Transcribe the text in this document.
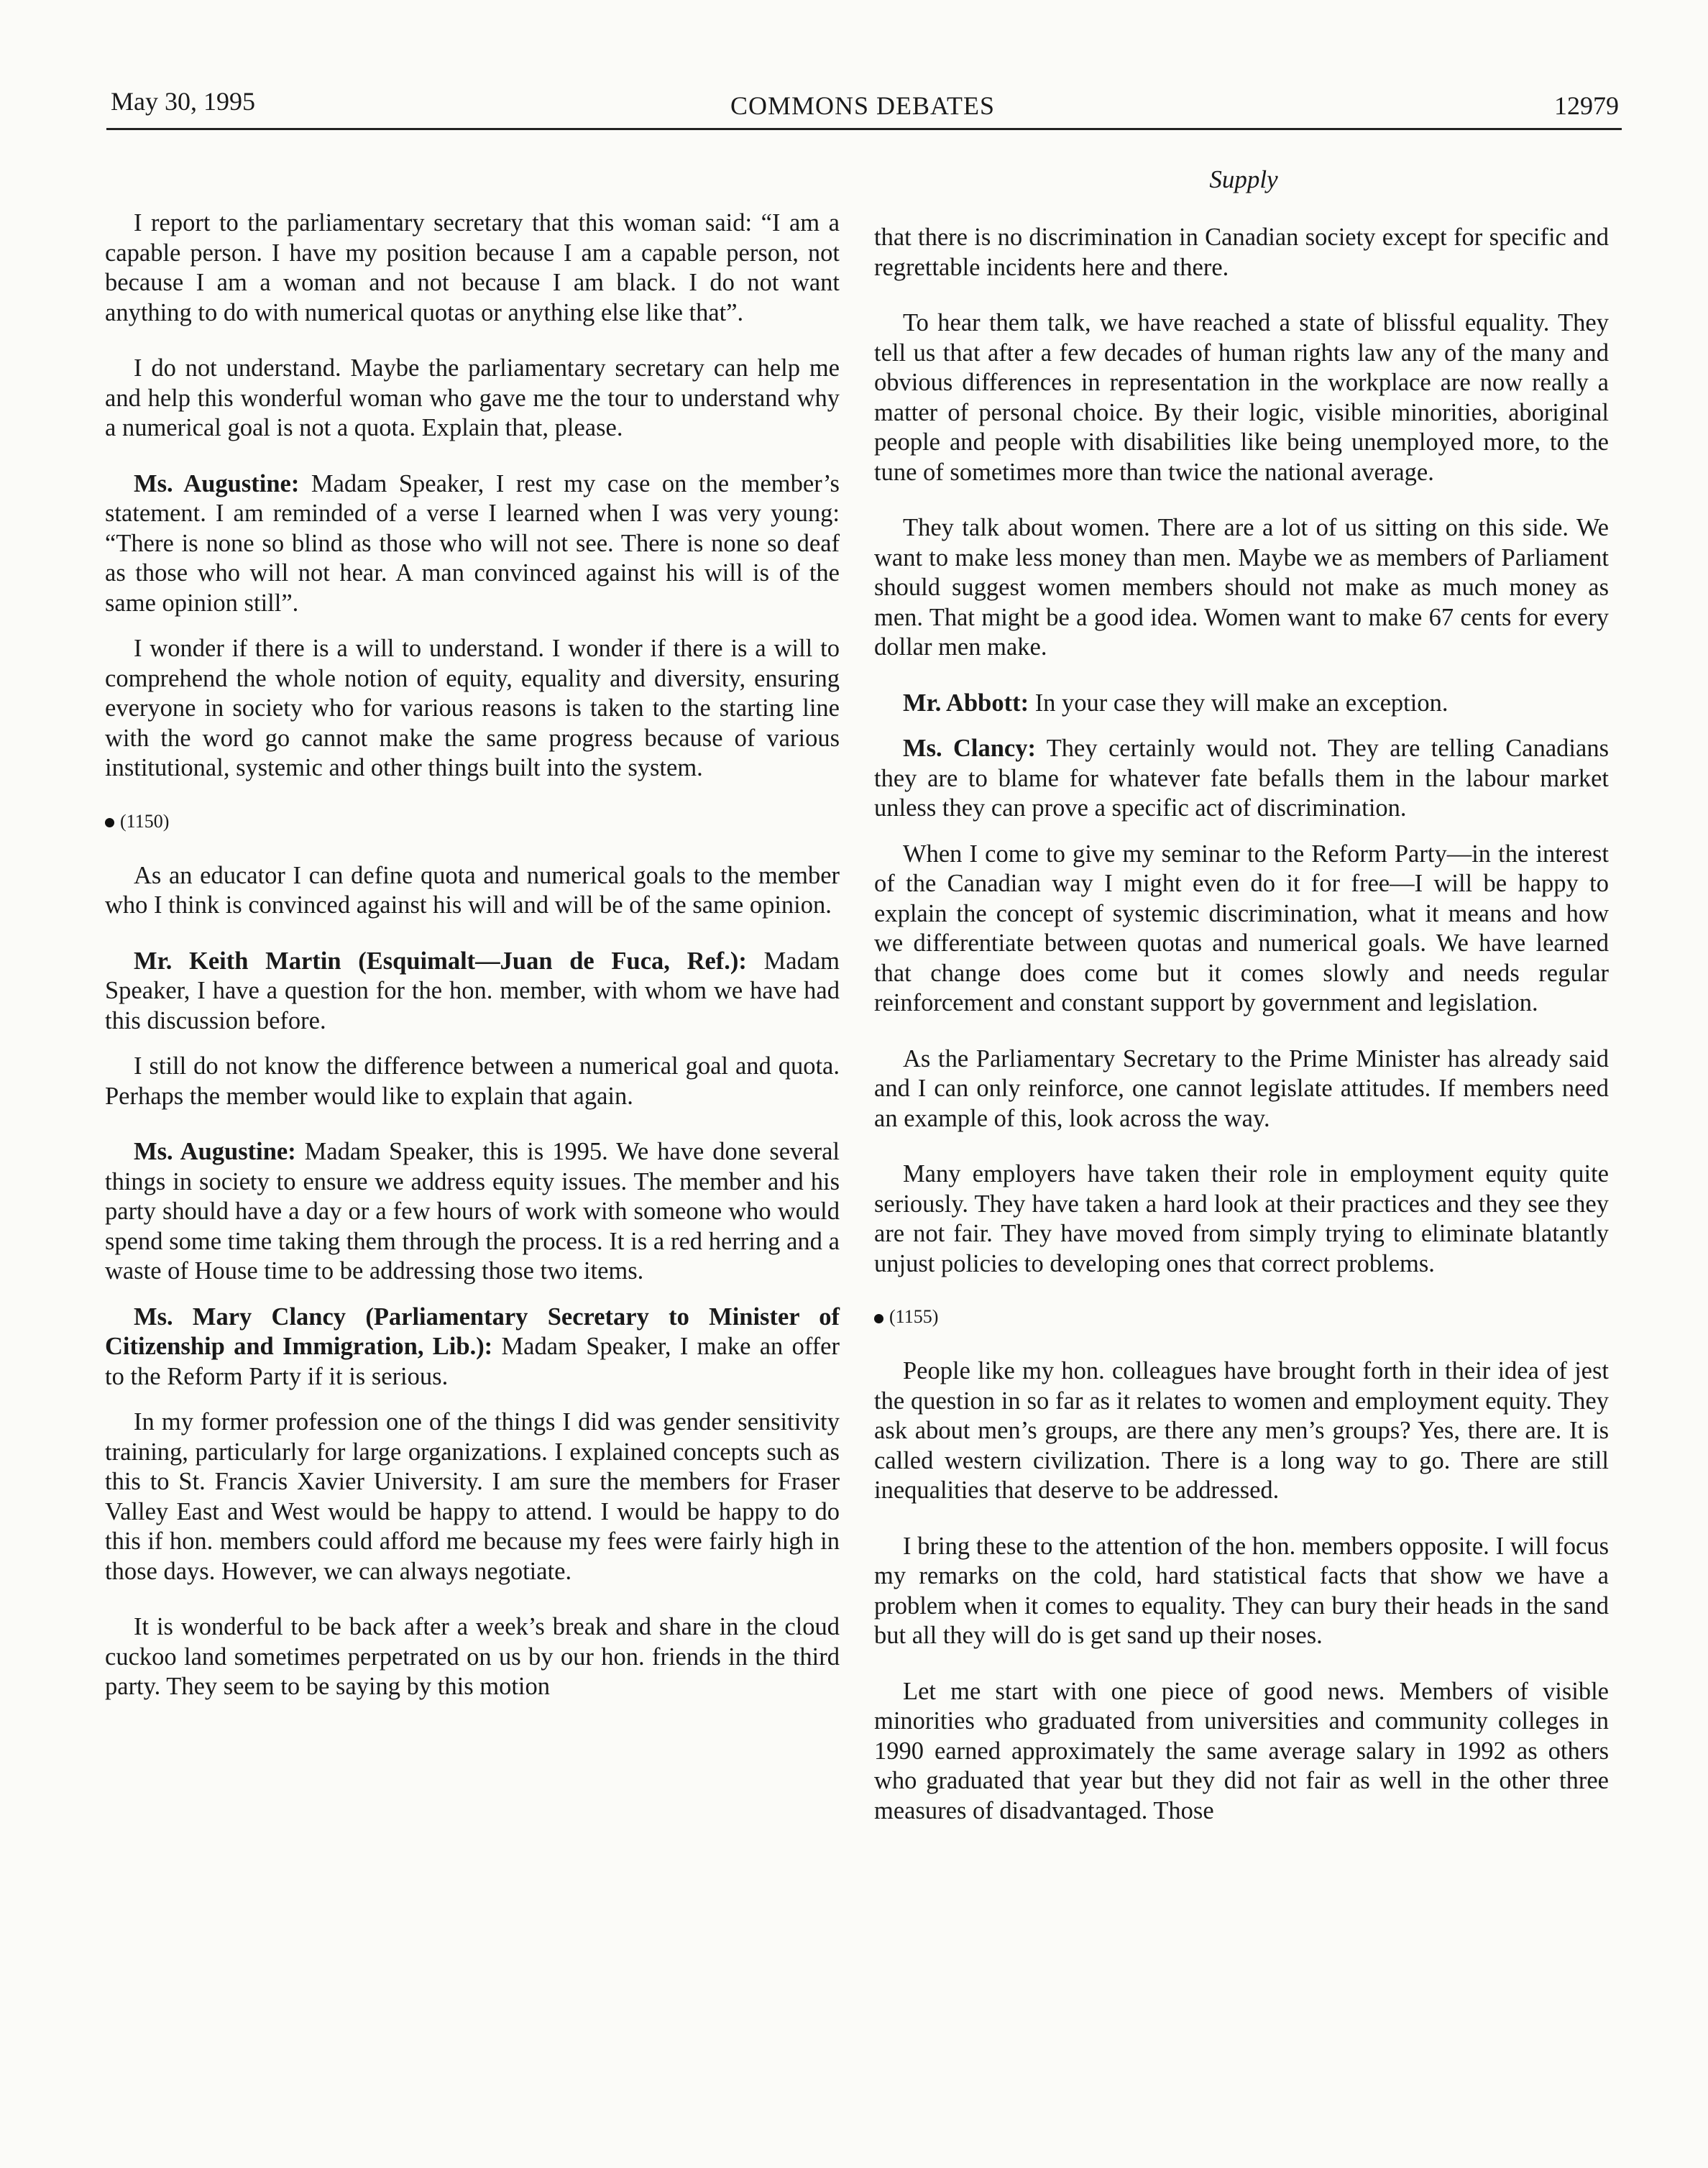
May 30, 1995	COMMONS DEBATES	12979
Supply

I report to the parliamentary secretary that this woman said: “I am a capable person. I have my position because I am a capable person, not because I am a woman and not because I am black. I do not want anything to do with numerical quotas or anything else like that”.

I do not understand. Maybe the parliamentary secretary can help me and help this wonderful woman who gave me the tour to understand why a numerical goal is not a quota. Explain that, please.

Ms. Augustine: Madam Speaker, I rest my case on the member’s statement. I am reminded of a verse I learned when I was very young: “There is none so blind as those who will not see. There is none so deaf as those who will not hear. A man convinced against his will is of the same opinion still”.

I wonder if there is a will to understand. I wonder if there is a will to comprehend the whole notion of equity, equality and diversity, ensuring everyone in society who for various reasons is taken to the starting line with the word go cannot make the same progress because of various institutional, systemic and other things built into the system.

(1150)

As an educator I can define quota and numerical goals to the member who I think is convinced against his will and will be of the same opinion.

Mr. Keith Martin (Esquimalt—Juan de Fuca, Ref.): Madam Speaker, I have a question for the hon. member, with whom we have had this discussion before.

I still do not know the difference between a numerical goal and quota. Perhaps the member would like to explain that again.

Ms. Augustine: Madam Speaker, this is 1995. We have done several things in society to ensure we address equity issues. The member and his party should have a day or a few hours of work with someone who would spend some time taking them through the process. It is a red herring and a waste of House time to be addressing those two items.

Ms. Mary Clancy (Parliamentary Secretary to Minister of Citizenship and Immigration, Lib.): Madam Speaker, I make an offer to the Reform Party if it is serious.

In my former profession one of the things I did was gender sensitivity training, particularly for large organizations. I explained concepts such as this to St. Francis Xavier University. I am sure the members for Fraser Valley East and West would be happy to attend. I would be happy to do this if hon. members could afford me because my fees were fairly high in those days. However, we can always negotiate.

It is wonderful to be back after a week’s break and share in the cloud cuckoo land sometimes perpetrated on us by our hon. friends in the third party. They seem to be saying by this motion

that there is no discrimination in Canadian society except for specific and regrettable incidents here and there.

To hear them talk, we have reached a state of blissful equality. They tell us that after a few decades of human rights law any of the many and obvious differences in representation in the workplace are now really a matter of personal choice. By their logic, visible minorities, aboriginal people and people with disabilities like being unemployed more, to the tune of sometimes more than twice the national average.

They talk about women. There are a lot of us sitting on this side. We want to make less money than men. Maybe we as members of Parliament should suggest women members should not make as much money as men. That might be a good idea. Women want to make 67 cents for every dollar men make.

Mr. Abbott: In your case they will make an exception.

Ms. Clancy: They certainly would not. They are telling Canadians they are to blame for whatever fate befalls them in the labour market unless they can prove a specific act of discrimination.

When I come to give my seminar to the Reform Party—in the interest of the Canadian way I might even do it for free—I will be happy to explain the concept of systemic discrimination, what it means and how we differentiate between quotas and numerical goals. We have learned that change does come but it comes slowly and needs regular reinforcement and constant support by government and legislation.

As the Parliamentary Secretary to the Prime Minister has already said and I can only reinforce, one cannot legislate attitudes. If members need an example of this, look across the way.

Many employers have taken their role in employment equity quite seriously. They have taken a hard look at their practices and they see they are not fair. They have moved from simply trying to eliminate blatantly unjust policies to developing ones that correct problems.

(1155)

People like my hon. colleagues have brought forth in their idea of jest the question in so far as it relates to women and employment equity. They ask about men’s groups, are there any men’s groups? Yes, there are. It is called western civilization. There is a long way to go. There are still inequalities that deserve to be addressed.

I bring these to the attention of the hon. members opposite. I will focus my remarks on the cold, hard statistical facts that show we have a problem when it comes to equality. They can bury their heads in the sand but all they will do is get sand up their noses.

Let me start with one piece of good news. Members of visible minorities who graduated from universities and community colleges in 1990 earned approximately the same average salary in 1992 as others who graduated that year but they did not fair as well in the other three measures of disadvantaged. Those
